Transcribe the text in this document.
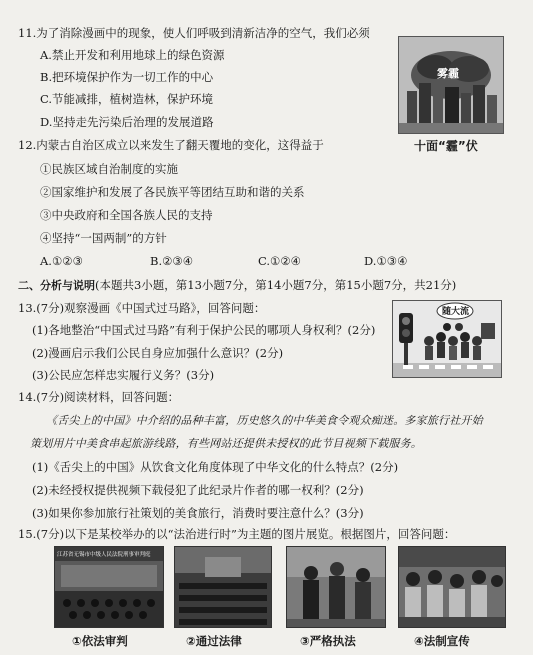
11.为了消除漫画中的现象，使人们呼吸到清新洁净的空气，我们必须
A.禁止开发和利用地球上的绿色资源
B.把环境保护作为一切工作的中心
C.节能减排，植树造林，保护环境
D.坚持走先污染后治理的发展道路
雾霾
十面“霾”伏
12.内蒙古自治区成立以来发生了翻天覆地的变化，这得益于
①民族区域自治制度的实施
②国家维护和发展了各民族平等团结互助和谐的关系
③中央政府和全国各族人民的支持
④坚持“一国两制”的方针
A.①②③	B.②③④	C.①②④	D.①③④
二、分析与说明(本题共3小题，第13小题7分，第14小题7分，第15小题7分，共21分)
13.(7分)观察漫画《中国式过马路》，回答问题：
(1)各地整治“中国式过马路”有利于保护公民的哪项人身权利？(2分)
(2)漫画启示我们公民自身应加强什么意识？(2分)
(3)公民应怎样忠实履行义务？(3分)
随大流
14.(7分)阅读材料，回答问题：
《舌尖上的中国》中介绍的品种丰富，历史悠久的中华美食令观众痴迷。多家旅行社开始
策划用片中美食串起旅游线路，有些网站还提供未授权的此节目视频下载服务。
(1)《舌尖上的中国》从饮食文化角度体现了中华文化的什么特点？(2分)
(2)未经授权提供视频下载侵犯了此纪录片作者的哪一权利？(2分)
(3)如果你参加旅行社策划的美食旅行，消费时要注意什么？(3分)
15.(7分)以下是某校举办的以“法治进行时”为主题的图片展览。根据图片，回答问题：
江苏省无锡市中级人民法院刑事审判庭
①依法审判	②通过法律	③严格执法	④法制宣传
